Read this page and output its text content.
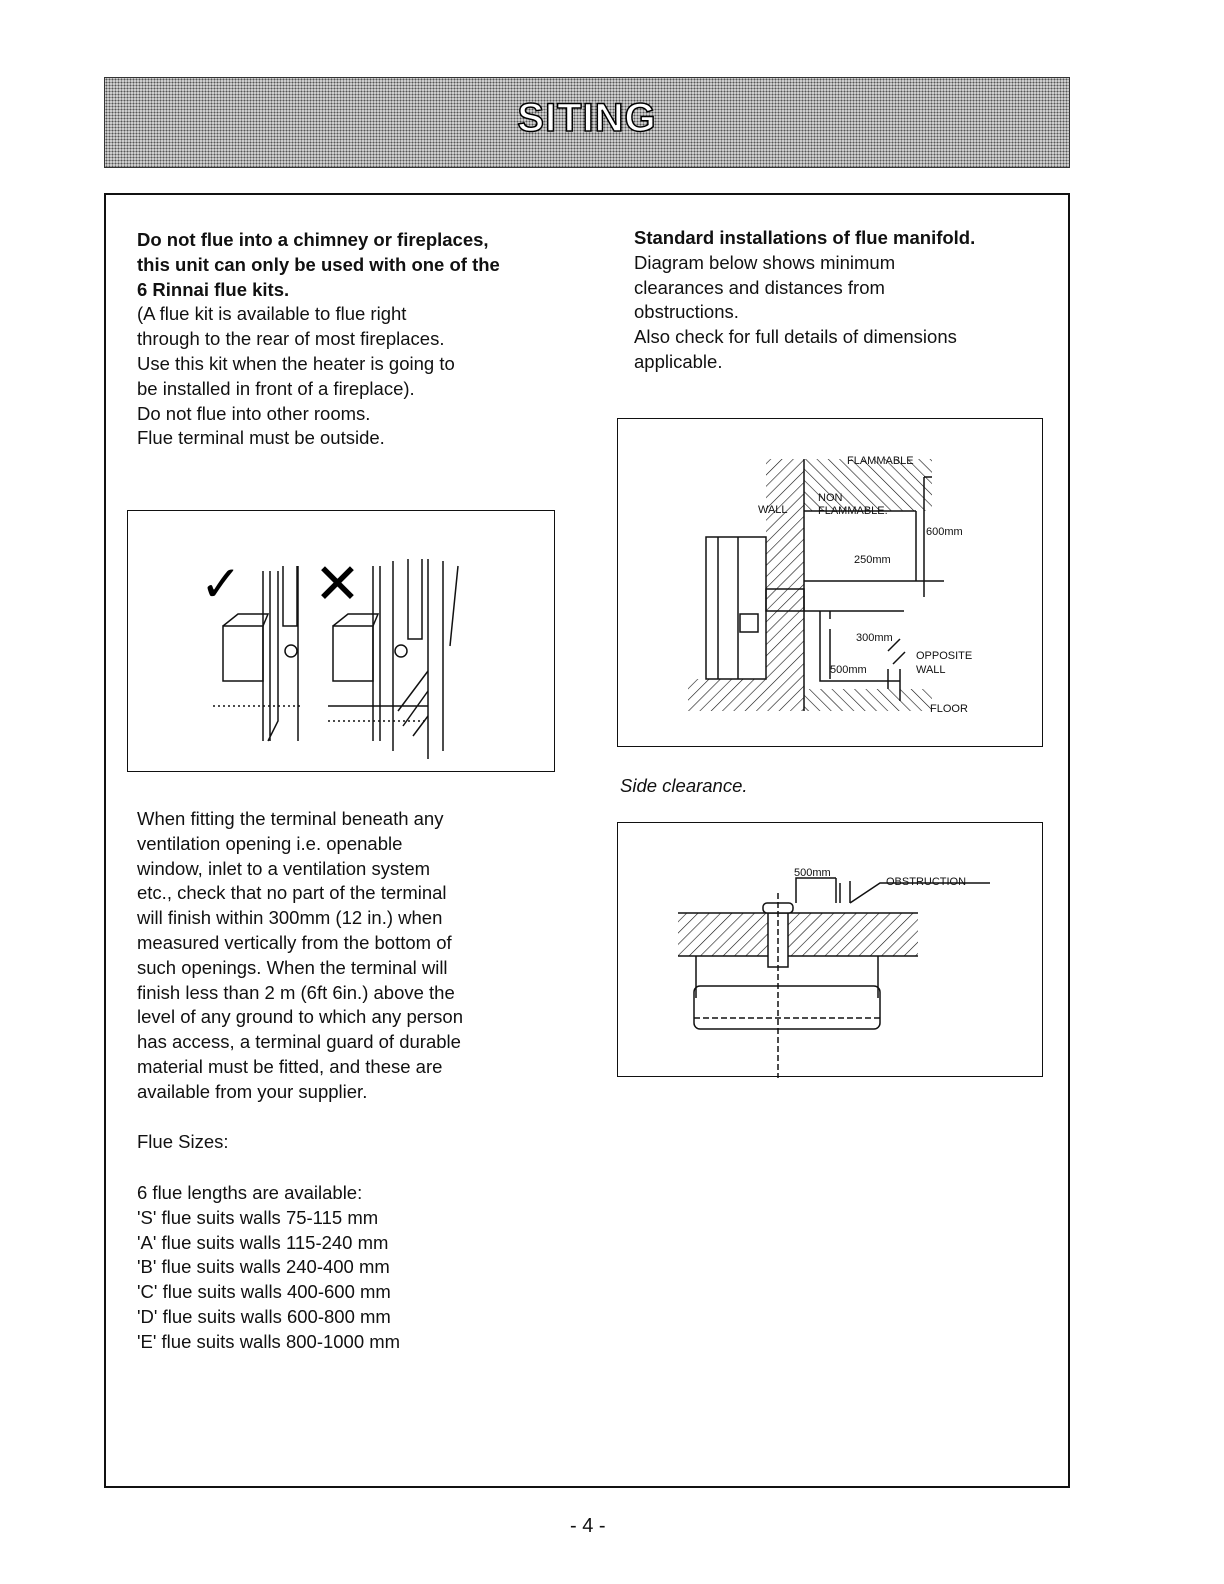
SITING
Do not flue into a chimney or fireplaces,
this unit can only be used with one of the
6 Rinnai flue kits.
(A flue kit is available to flue right
through to the rear of most fireplaces.
Use this kit when the heater is going to
be installed in front of a fireplace).
Do not flue into other rooms.
Flue terminal must be outside.
Standard installations of flue manifold.
Diagram below shows minimum
clearances and distances from
obstructions.
Also check for full details of dimensions
applicable.
✓ ✕
When fitting the terminal beneath any
ventilation opening i.e. openable
window, inlet to a ventilation system
etc., check that no part of the terminal
will finish within 300mm (12 in.) when
measured vertically from the bottom of
such openings. When the terminal will
finish less than 2 m (6ft 6in.) above the
level of any ground to which any person
has access, a terminal guard of durable
material must be fitted, and these are
available from your supplier.
Flue Sizes:
6 flue lengths are available:
'S' flue suits walls 75-115 mm
'A' flue suits walls 115-240 mm
'B' flue suits walls 240-400 mm
'C' flue suits walls 400-600 mm
'D' flue suits walls 600-800 mm
'E' flue suits walls 800-1000 mm
FLAMMABLE
NON
FLAMMABLE.
WALL
600mm
250mm
300mm
500mm
OPPOSITE
WALL
FLOOR
Side clearance.
500mm
OBSTRUCTION
- 4 -
